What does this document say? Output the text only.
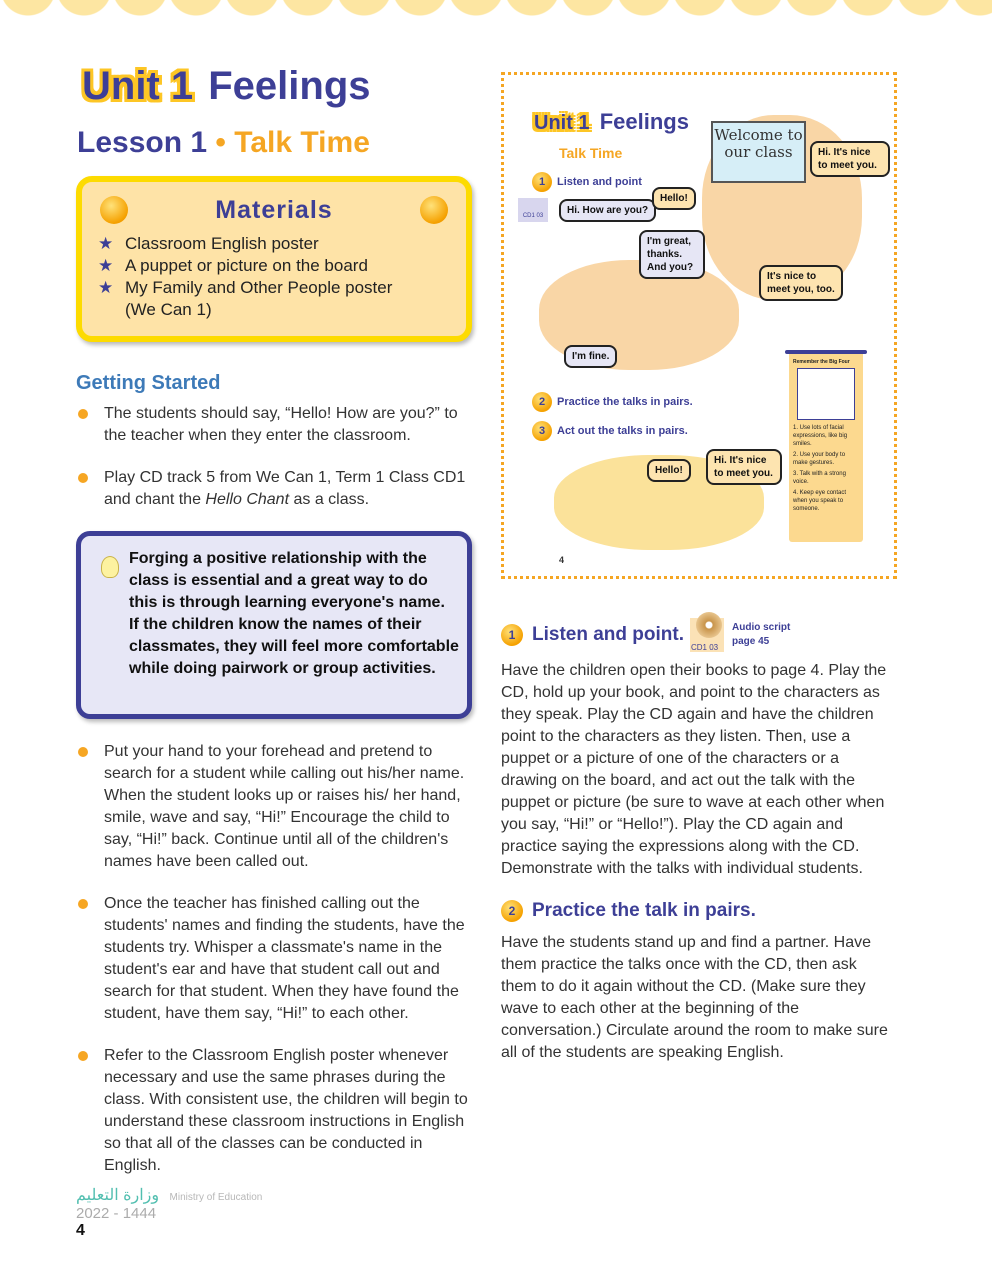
Unit 1 Feelings
Lesson 1 • Talk Time
Materials
★ Classroom English poster
★ A puppet or picture on the board
★ My Family and Other People poster (We Can 1)
Getting Started
The students should say, “Hello! How are you?” to the teacher when they enter the classroom.
Play CD track 5 from We Can 1, Term 1 Class CD1 and chant the Hello Chant as a class.
Forging a positive relationship with the class is essential and a great way to do this is through learning everyone's name. If the children know the names of their classmates, they will feel more comfortable while doing pairwork or group activities.
Put your hand to your forehead and pretend to search for a student while calling out his/her name. When the student looks up or raises his/ her hand, smile, wave and say, “Hi!” Encourage the child to say, “Hi!” back. Continue until all of the children's names have been called out.
Once the teacher has finished calling out the students' names and finding the students, have the students try. Whisper a classmate's name in the student's ear and have that student call out and search for that student. When they have found the student, have them say, “Hi!” to each other.
Refer to the Classroom English poster whenever necessary and use the same phrases during the class. With consistent use, the children will begin to understand these classroom instructions in English so that all of the classes can be conducted in English.
وزارة التعليم Ministry of Education
2022 - 1444
4
Unit 1 Feelings
Talk Time
1	Listen and point
CD1 03
Welcome to our class
Hi. How are you?
I'm great, thanks. And you?
I'm fine.
Hello!
Hi. It's nice to meet you.
It's nice to meet you, too.
2	Practice the talks in pairs.
3	Act out the talks in pairs.
Hello!
Hi. It's nice to meet you.
Remember the Big Four
1. Use lots of facial expressions, like big smiles.
2. Use your body to make gestures.
3. Talk with a strong voice.
4. Keep eye contact when you speak to someone.
4
1 Listen and point.
CD1 03
Audio script
page 45
Have the children open their books to page 4. Play the CD, hold up your book, and point to the characters as they speak. Play the CD again and have the children point to the characters as they listen. Then, use a puppet or a picture of one of the characters or a drawing on the board, and act out the talk with the puppet or picture (be sure to wave at each other when you say, “Hi!” or “Hello!”). Play the CD again and practice saying the expressions along with the CD. Demonstrate with the talks with individual students.
2 Practice the talk in pairs.
Have the students stand up and find a partner. Have them practice the talks once with the CD, then ask them to do it again without the CD. (Make sure they wave to each other at the beginning of the conversation.) Circulate around the room to make sure all of the students are speaking English.
